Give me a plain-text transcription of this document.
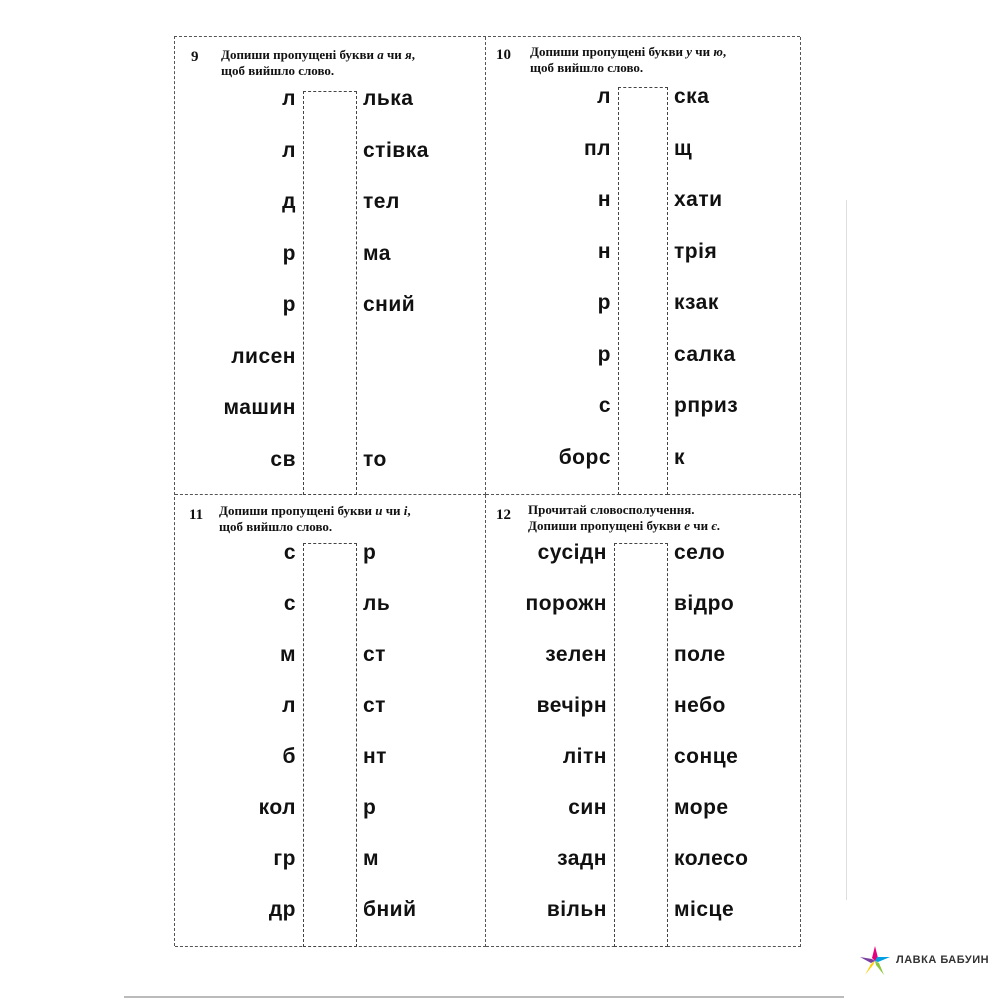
9 Допиши пропущені букви а чи я,
щоб вийшло слово.
л	лька
л	стівка
д	тел
р	ма
р	сний
лисен
машин
св	то
10 Допиши пропущені букви у чи ю,
щоб вийшло слово.
л	ска
пл	щ
н	хати
н	трія
р	кзак
р	салка
с	рприз
борс	к
11 Допиши пропущені букви и чи і,
щоб вийшло слово.
с	р
с	ль
м	ст
л	ст
б	нт
кол	р
гр	м
др	бний
12 Прочитай словосполучення.
Допиши пропущені букви е чи є.
сусідн	село
порожн	відро
зелен	поле
вечірн	небо
літн	сонце
син	море
задн	колесо
вільн	місце
ЛАВКА БАБУИН
